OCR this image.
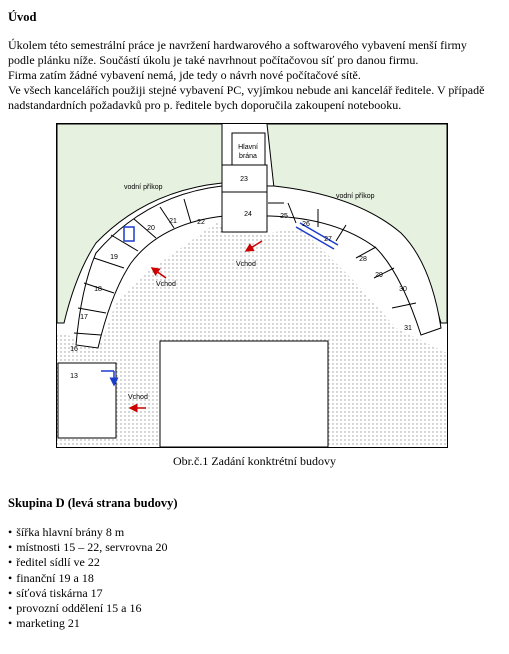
Úvod
Úkolem této semestrální práce je navržení hardwarového a softwarového vybavení menší firmy
podle plánku níže. Součástí úkolu je také navrhnout počítačovou síť pro danou firmu.
Firma zatím žádné vybavení nemá, jde tedy o návrh nové počítačové sítě.
Ve všech kancelářích použiji stejné vybavení PC, vyjímkou nebude ani kancelář ředitele. V případě
nadstandardních požadavků pro p. ředitele bych doporučila zakoupení notebooku.
Hlavní
brána
vodní příkop
vodní příkop
23
24
22
21
20
19
18
17
16
13
25
26
27
28
29
30
31
Vchod
Vchod
Vchod
Obr.č.1 Zadání konktrétní budovy
Skupina D (levá strana budovy)
• šířka hlavní brány 8 m
• místnosti 15 – 22, servrovna 20
• ředitel sídlí ve 22
• finanční 19 a 18
• síťová tiskárna 17
• provozní oddělení 15 a 16
• marketing 21
